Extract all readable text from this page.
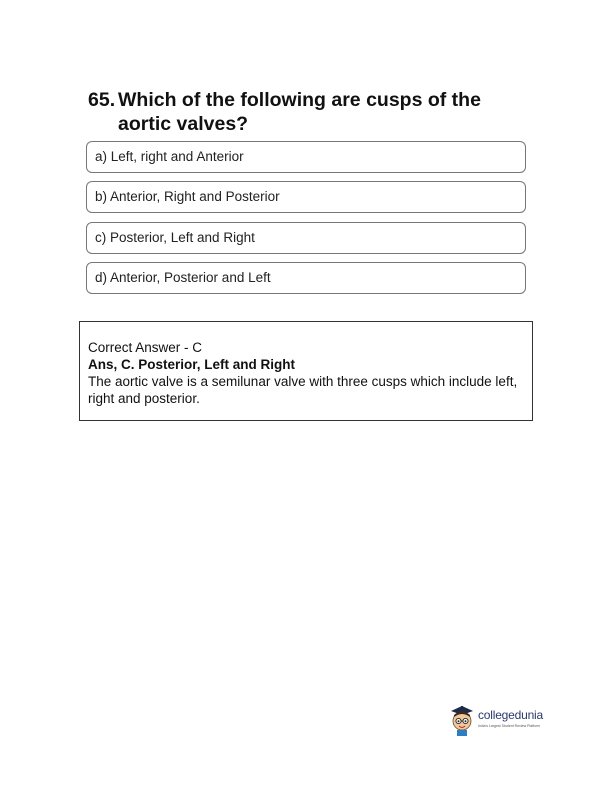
65. Which of the following are cusps of the aortic valves?
a) Left, right and Anterior
b) Anterior, Right and Posterior
c) Posterior, Left and Right
d) Anterior, Posterior and Left
Correct Answer - C
Ans, C. Posterior, Left and Right
The aortic valve is a semilunar valve with three cusps which include left, right and posterior.
collegedunia
India's Largest Student Review Platform
